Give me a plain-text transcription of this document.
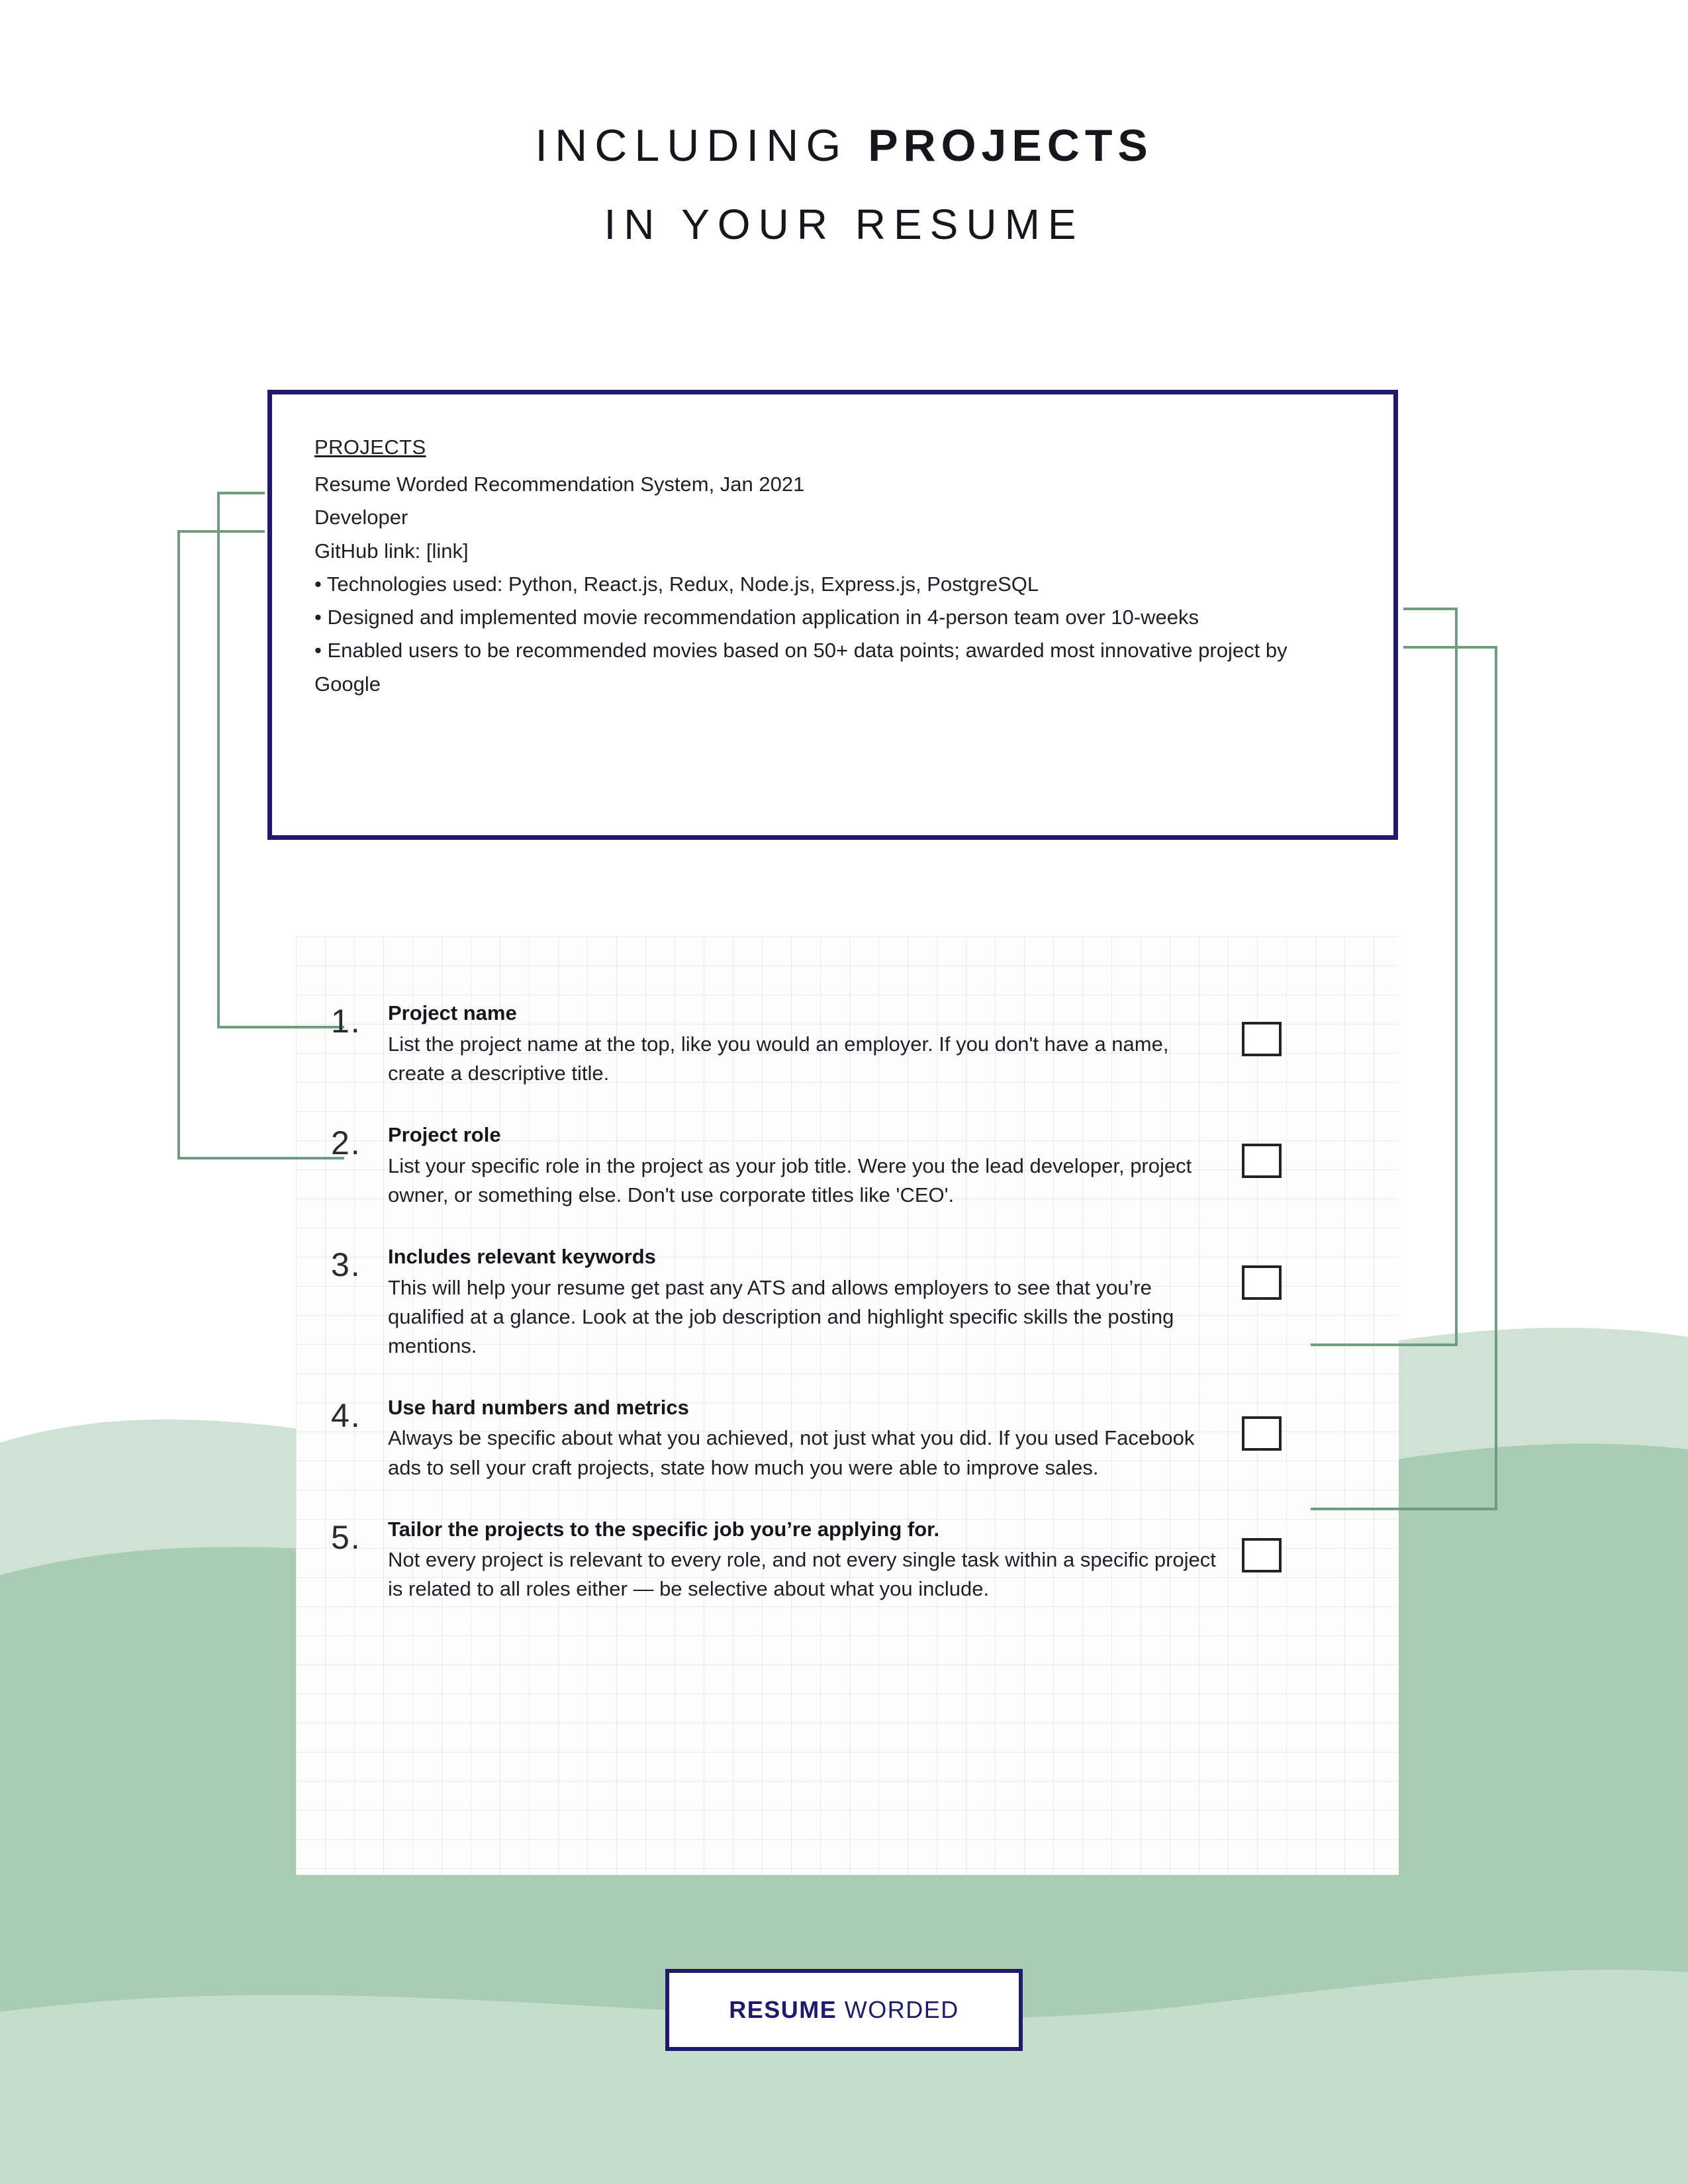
INCLUDING PROJECTS
IN YOUR RESUME
PROJECTS
Resume Worded Recommendation System, Jan 2021
Developer
GitHub link: [link]
• Technologies used: Python, React.js, Redux, Node.js, Express.js, PostgreSQL
• Designed and implemented movie recommendation application in 4-person team over 10-weeks
• Enabled users to be recommended movies based on 50+ data points; awarded most innovative project by Google
1.	Project name
List the project name at the top, like you would an employer. If you don't have a name, create a descriptive title.
2.	Project role
List your specific role in the project as your job title. Were you the lead developer, project owner, or something else. Don't use corporate titles like 'CEO'.
3.	Includes relevant keywords
This will help your resume get past any ATS and allows employers to see that you’re qualified at a glance. Look at the job description and highlight specific skills the posting mentions.
4.	Use hard numbers and metrics
Always be specific about what you achieved, not just what you did. If you used Facebook ads to sell your craft projects, state how much you were able to improve sales.
5.	Tailor the projects to the specific job you’re applying for.
Not every project is relevant to every role, and not every single task within a specific project is related to all roles either — be selective about what you include.
RESUME WORDED
